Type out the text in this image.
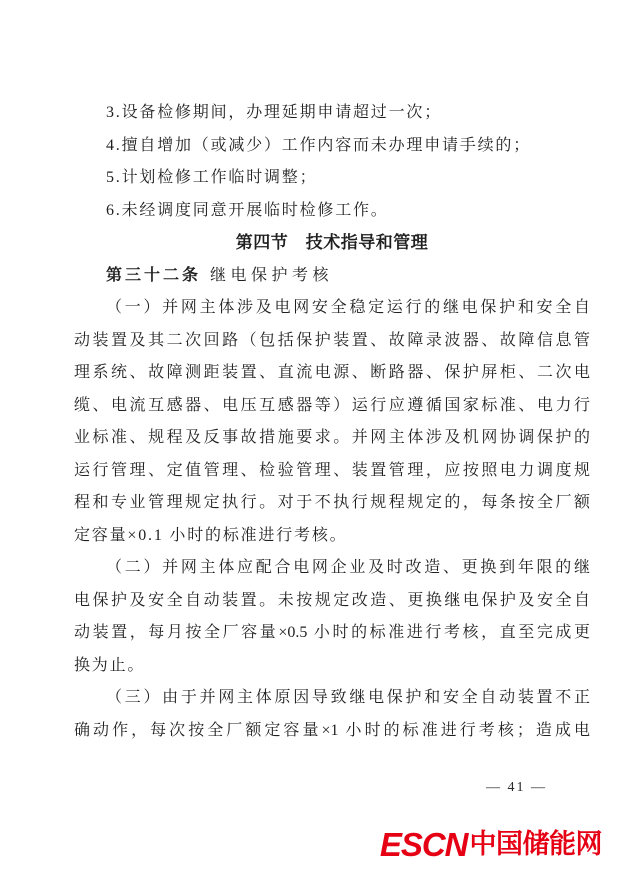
3.设备检修期间，办理延期申请超过一次；
4.擅自增加（或减少）工作内容而未办理申请手续的；
5.计划检修工作临时调整；
6.未经调度同意开展临时检修工作。
第四节　技术指导和管理
第三十二条 继电保护考核
（一）并网主体涉及电网安全稳定运行的继电保护和安全自
动装置及其二次回路（包括保护装置、故障录波器、故障信息管
理系统、故障测距装置、直流电源、断路器、保护屏柜、二次电
缆、电流互感器、电压互感器等）运行应遵循国家标准、电力行
业标准、规程及反事故措施要求。并网主体涉及机网协调保护的
运行管理、定值管理、检验管理、装置管理，应按照电力调度规
程和专业管理规定执行。对于不执行规程规定的，每条按全厂额
定容量×0.1 小时的标准进行考核。
（二）并网主体应配合电网企业及时改造、更换到年限的继
电保护及安全自动装置。未按规定改造、更换继电保护及安全自
动装置，每月按全厂容量×0.5 小时的标准进行考核，直至完成更
换为止。
（三）由于并网主体原因导致继电保护和安全自动装置不正
确动作，每次按全厂额定容量×1 小时的标准进行考核；造成电
— 41 —
ESCN 中国储能网
